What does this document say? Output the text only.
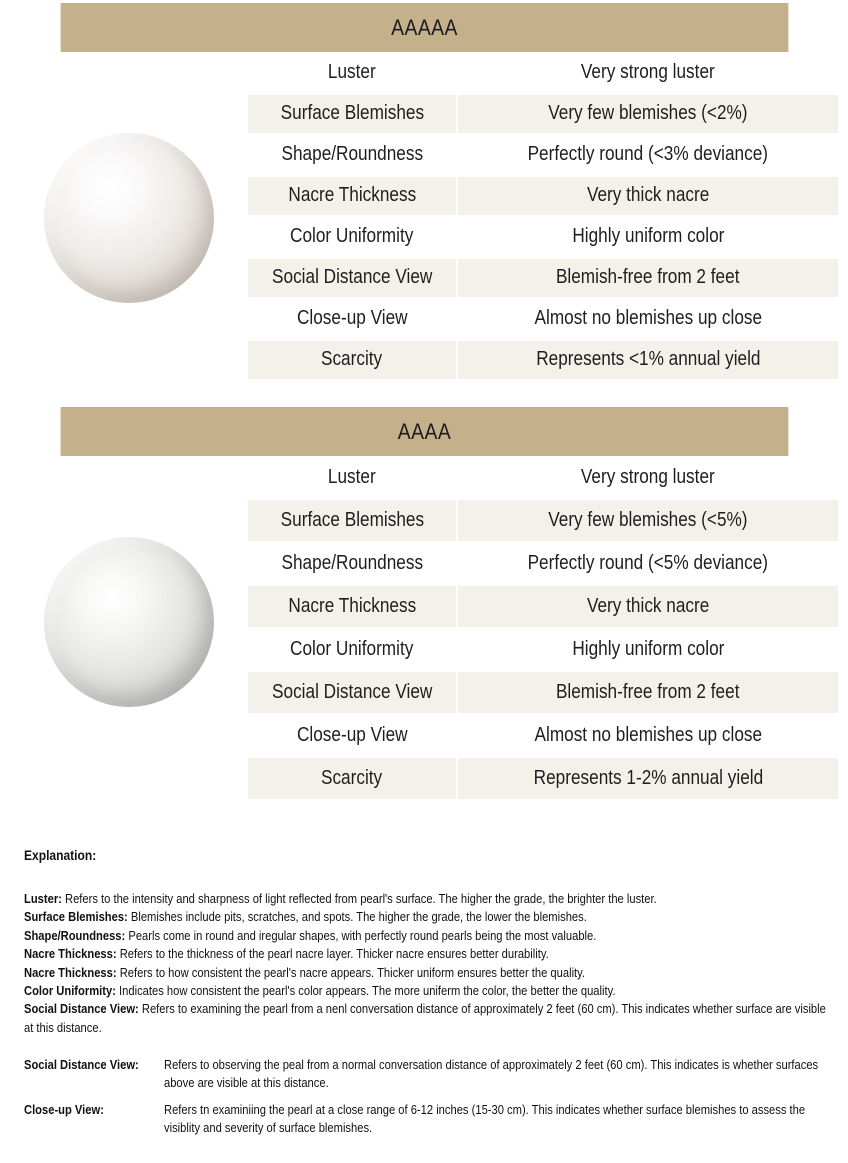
AAAAA
Luster	Very strong luster
Surface Blemishes	Very few blemishes (<2%)
Shape/Roundness	Perfectly round (<3% deviance)
Nacre Thickness	Very thick nacre
Color Uniformity	Highly uniform color
Social Distance View	Blemish-free from 2 feet
Close-up View	Almost no blemishes up close
Scarcity	Represents <1% annual yield
AAAA
Luster	Very strong luster
Surface Blemishes	Very few blemishes (<5%)
Shape/Roundness	Perfectly round (<5% deviance)
Nacre Thickness	Very thick nacre
Color Uniformity	Highly uniform color
Social Distance View	Blemish-free from 2 feet
Close-up View	Almost no blemishes up close
Scarcity	Represents 1-2% annual yield
Explanation:
Luster: Refers to the intensity and sharpness of light reflected from pearl's surface. The higher the grade, the brighter the luster.
Surface Blemishes: Blemishes include pits, scratches, and spots. The higher the grade, the lower the blemishes.
Shape/Roundness: Pearls come in round and iregular shapes, with perfectly round pearls being the most valuable.
Nacre Thickness: Refers to the thickness of the pearl nacre layer. Thicker nacre ensures better durability.
Nacre Thickness: Refers to how consistent the pearl's nacre appears. Thicker uniform ensures better the quality.
Color Uniformity: Indicates how consistent the pearl's color appears. The more uniferm the color, the better the quality.
Social Distance View: Refers to examining the pearl from a nenl conversation distance of approximately 2 feet (60 cm). This indicates whether surface are visible at this distance.
Social Distance View:	Refers to observing the peal from a normal conversation distance of approximately 2 feet (60 cm). This indicates is whether surfaces above are visible at this distance.
Close-up View:	Refers tn examiniing the pearl at a close range of 6-12 inches (15-30 cm). This indicates whether surface blemishes to assess the visiblity and severity of surface blemishes.
